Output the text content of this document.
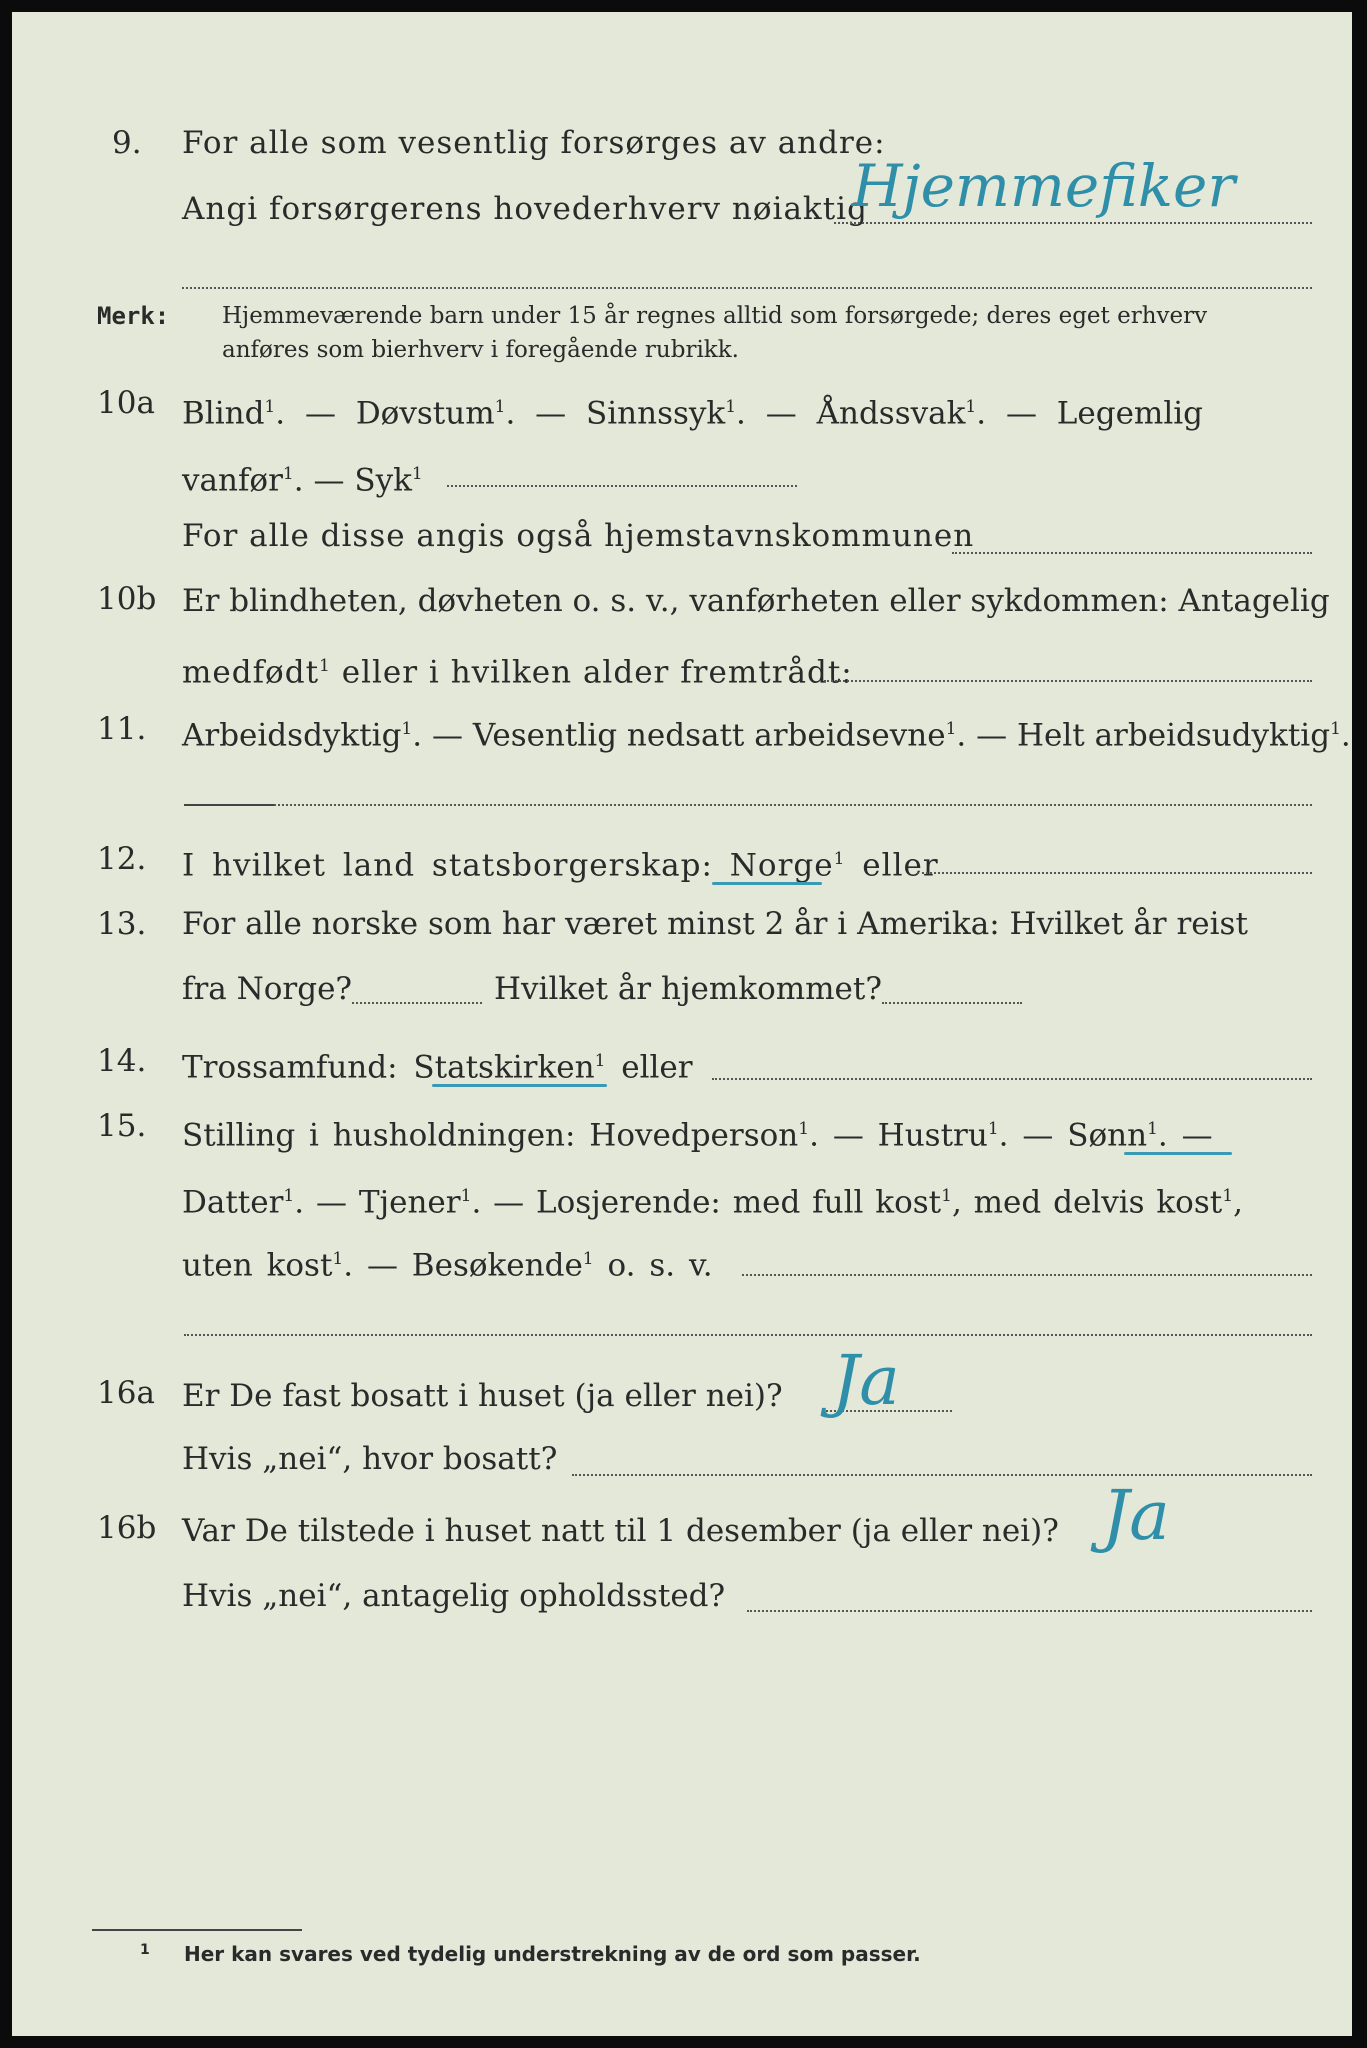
9. For alle som vesentlig forsørges av andre:
Angi forsørgerens hovederhverv nøiaktig
Hjemmefiker
Merk: Hjemmeværende barn under 15 år regnes alltid som forsørgede; deres eget erhverv
anføres som bierhverv i foregående rubrikk.
10a Blind$^1$. — Døvstum$^1$. — Sinnssyk$^1$. — Åndssvak$^1$. — Legemlig
vanfør$^1$. — Syk$^1$
For alle disse angis også hjemstavnskommunen
10b Er blindheten, døvheten o. s. v., vanførheten eller sykdommen: Antagelig
medfødt$^1$ eller i hvilken alder fremtrådt:
11. Arbeidsdyktig$^1$. — Vesentlig nedsatt arbeidsevne$^1$. — Helt arbeidsudyktig$^1$.
12. I hvilket land statsborgerskap: Norge$^1$ eller
13. For alle norske som har været minst 2 år i Amerika: Hvilket år reist
fra Norge?	Hvilket år hjemkommet?
14. Trossamfund: Statskirken$^1$ eller
15. Stilling i husholdningen: Hovedperson$^1$. — Hustru$^1$. — Sønn$^1$. —
Datter$^1$. — Tjener$^1$. — Losjerende: med full kost$^1$, med delvis kost$^1$,
uten kost$^1$. — Besøkende$^1$ o. s. v.
16a Er De fast bosatt i huset (ja eller nei)? Ja
Hvis „nei“, hvor bosatt?
16b Var De tilstede i huset natt til 1 desember (ja eller nei)? Ja
Hvis „nei“, antagelig opholdssted?
1 Her kan svares ved tydelig understrekning av de ord som passer.
